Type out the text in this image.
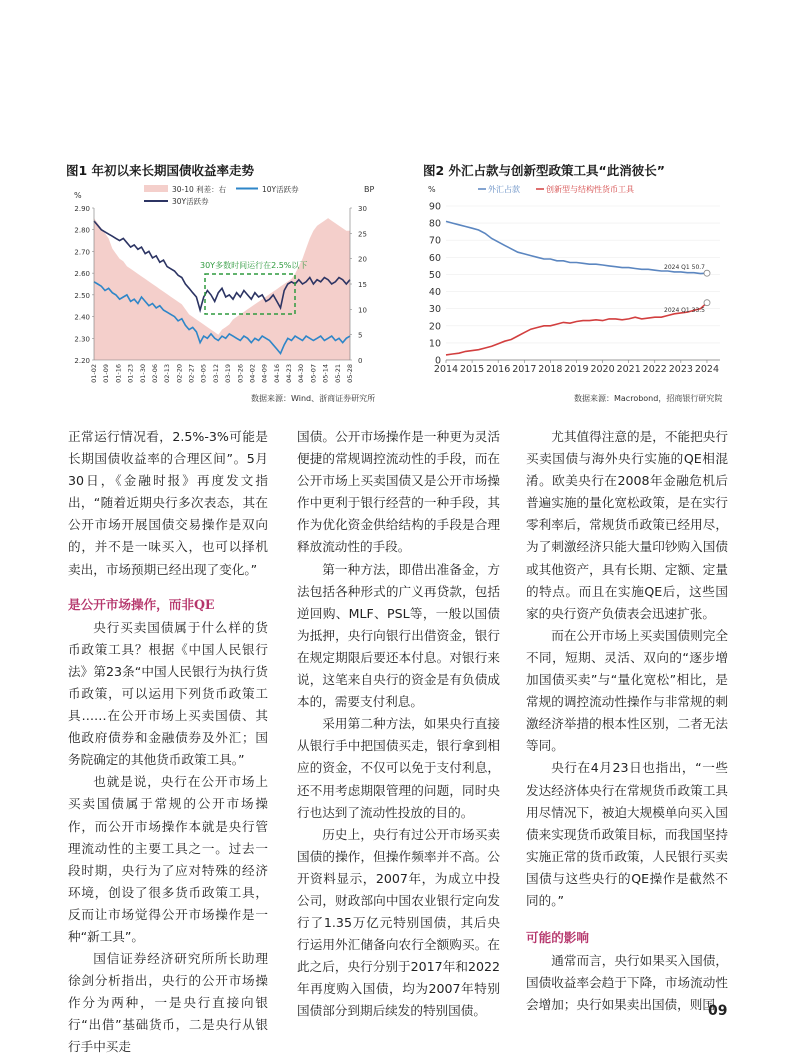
图1 年初以来长期国债收益率走势
2.90
2.80
2.70
2.60
2.50
2.40
2.30
2.20
30
25
20
15
10
5
0
01-02 01-09 01-16 01-23 01-30 02-06 02-13 02-20 02-27 03-05 03-12 03-19 03-26 04-02 04-09 04-16 04-23 04-30 05-07 05-14 05-21 05-28
30-10 利差：右	10Y活跃券
30Y活跃券
%
BP
30Y多数时间运行在2.5%以下
数据来源：Wind、浙商证券研究所
图2 外汇占款与创新型政策工具“此消彼长”
90
80
70
60
50
40
30
20
10
0
2014 2015 2016 2017 2018 2019 2020 2021 2022 2023 2024
%	外汇占款	创新型与结构性货币工具
2024 Q1 50.7
2024 Q1 33.5
数据来源：Macrobond，招商银行研究院

正常运行情况看，2.5%-3%可能是长期国债收益率的合理区间”。5月30日，《金融时报》再度发文指出，“随着近期央行多次表态，其在公开市场开展国债交易操作是双向的，并不是一味买入，也可以择机卖出，市场预期已经出现了变化。”

是公开市场操作，而非QE

央行买卖国债属于什么样的货币政策工具？根据《中国人民银行法》第23条“中国人民银行为执行货币政策，可以运用下列货币政策工具……在公开市场上买卖国债、其他政府债券和金融债券及外汇；国务院确定的其他货币政策工具。”

也就是说，央行在公开市场上买卖国债属于常规的公开市场操作，而公开市场操作本就是央行管理流动性的主要工具之一。过去一段时期，央行为了应对特殊的经济环境，创设了很多货币政策工具，反而让市场觉得公开市场操作是一种“新工具”。

国信证券经济研究所所长助理徐剑分析指出，央行的公开市场操作分为两种，一是央行直接向银行“出借”基础货币，二是央行从银行手中买走

国债。公开市场操作是一种更为灵活便捷的常规调控流动性的手段，而在公开市场上买卖国债又是公开市场操作中更利于银行经营的一种手段，其作为优化资金供给结构的手段是合理释放流动性的手段。

第一种方法，即借出准备金，方法包括各种形式的广义再贷款，包括逆回购、MLF、PSL等，一般以国债为抵押，央行向银行出借资金，银行在规定期限后要还本付息。对银行来说，这笔来自央行的资金是有负债成本的，需要支付利息。

采用第二种方法，如果央行直接从银行手中把国债买走，银行拿到相应的资金，不仅可以免于支付利息，还不用考虑期限管理的问题，同时央行也达到了流动性投放的目的。

历史上，央行有过公开市场买卖国债的操作，但操作频率并不高。公开资料显示，2007年，为成立中投公司，财政部向中国农业银行定向发行了1.35万亿元特别国债，其后央行运用外汇储备向农行全额购买。在此之后，央行分别于2017年和2022年再度购入国债，均为2007年特别国债部分到期后续发的特别国债。

尤其值得注意的是，不能把央行买卖国债与海外央行实施的QE相混淆。欧美央行在2008年金融危机后普遍实施的量化宽松政策，是在实行零利率后，常规货币政策已经用尽，为了刺激经济只能大量印钞购入国债或其他资产，具有长期、定额、定量的特点。而且在实施QE后，这些国家的央行资产负债表会迅速扩张。

而在公开市场上买卖国债则完全不同，短期、灵活、双向的“逐步增加国债买卖”与“量化宽松”相比，是常规的调控流动性操作与非常规的刺激经济举措的根本性区别，二者无法等同。

央行在4月23日也指出，“一些发达经济体央行在常规货币政策工具用尽情况下，被迫大规模单向买入国债来实现货币政策目标，而我国坚持实施正常的货币政策，人民银行买卖国债与这些央行的QE操作是截然不同的。”

可能的影响

通常而言，央行如果买入国债，国债收益率会趋于下降，市场流动性会增加；央行如果卖出国债，则国

09
